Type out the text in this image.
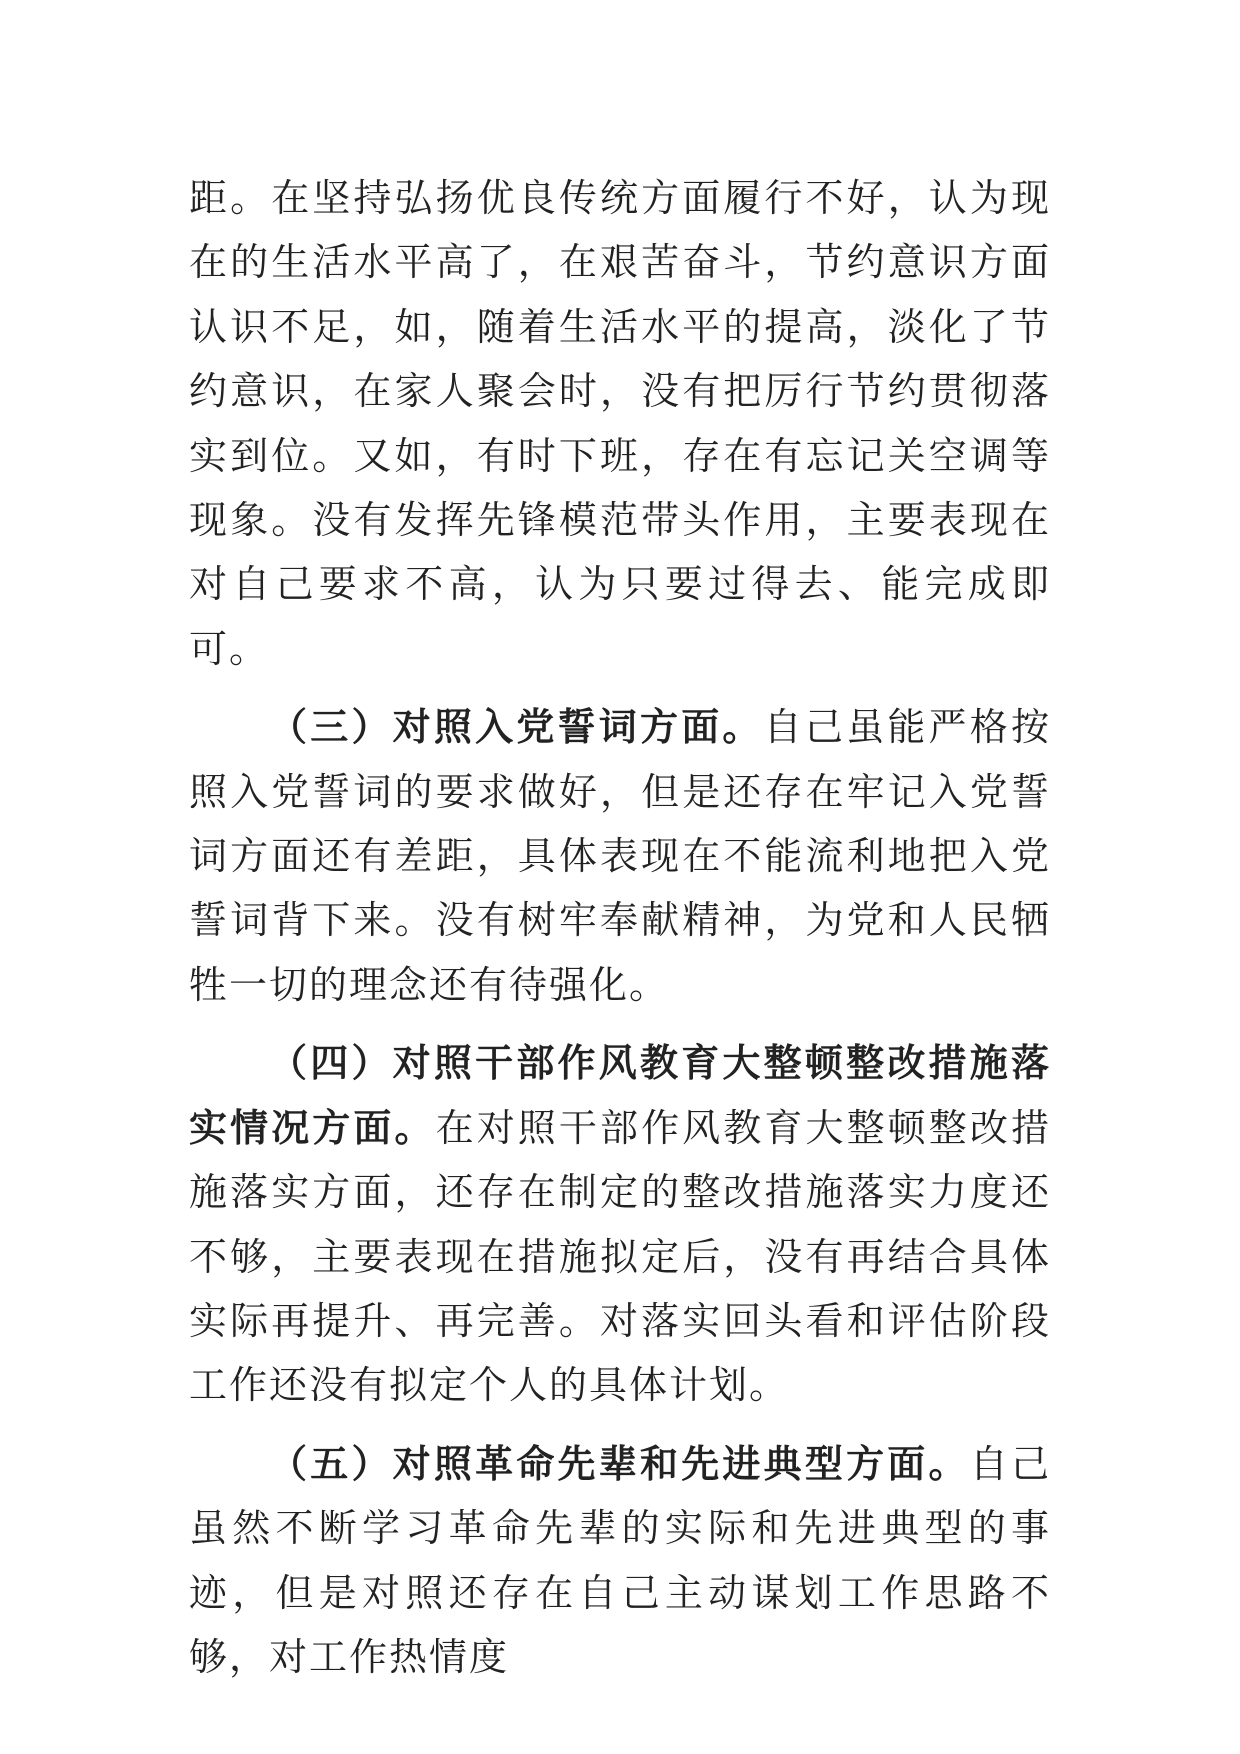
距。在坚持弘扬优良传统方面履行不好，认为现在的生活水平高了，在艰苦奋斗，节约意识方面认识不足，如，随着生活水平的提高，淡化了节约意识，在家人聚会时，没有把厉行节约贯彻落实到位。又如，有时下班，存在有忘记关空调等现象。没有发挥先锋模范带头作用，主要表现在对自己要求不高，认为只要过得去、能完成即可。

（三）对照入党誓词方面。自己虽能严格按照入党誓词的要求做好，但是还存在牢记入党誓词方面还有差距，具体表现在不能流利地把入党誓词背下来。没有树牢奉献精神，为党和人民牺牲一切的理念还有待强化。

（四）对照干部作风教育大整顿整改措施落实情况方面。在对照干部作风教育大整顿整改措施落实方面，还存在制定的整改措施落实力度还不够，主要表现在措施拟定后，没有再结合具体实际再提升、再完善。对落实回头看和评估阶段工作还没有拟定个人的具体计划。

（五）对照革命先辈和先进典型方面。自己虽然不断学习革命先辈的实际和先进典型的事迹，但是对照还存在自己主动谋划工作思路不够，对工作热情度
